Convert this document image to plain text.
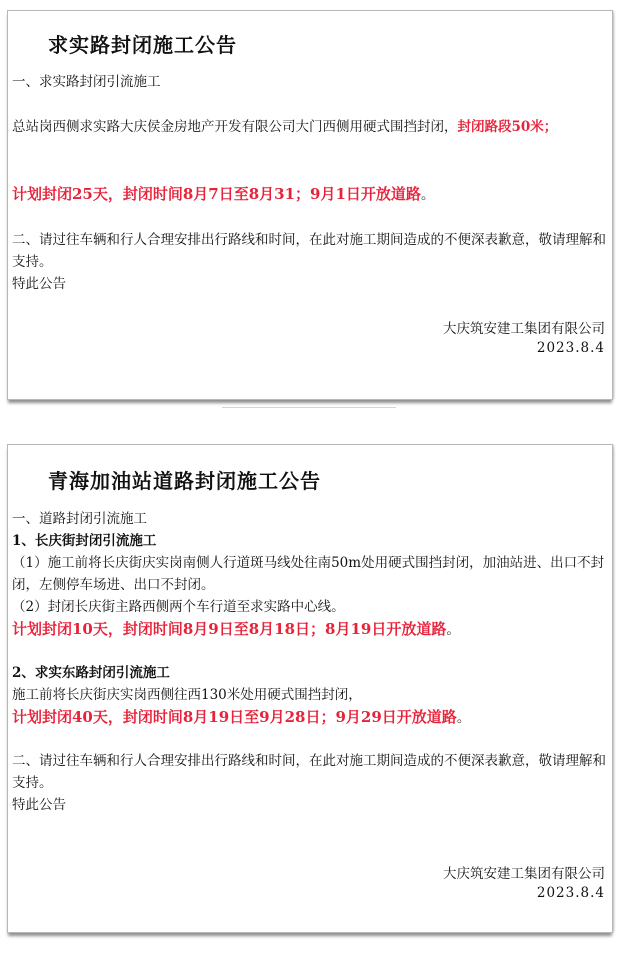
求实路封闭施工公告
一、求实路封闭引流施工
总站岗西侧求实路大庆侯金房地产开发有限公司大门西侧用硬式围挡封闭，封闭路段50米；
计划封闭25天，封闭时间8月7日至8月31；9月1日开放道路。
二、请过往车辆和行人合理安排出行路线和时间，在此对施工期间造成的不便深表歉意，敬请理解和支持。
特此公告
大庆筑安建工集团有限公司
2023.8.4
青海加油站道路封闭施工公告
一、道路封闭引流施工
1、长庆街封闭引流施工
（1）施工前将长庆街庆实岗南侧人行道斑马线处往南50m处用硬式围挡封闭，加油站进、出口不封闭，左侧停车场进、出口不封闭。
（2）封闭长庆街主路西侧两个车行道至求实路中心线。
计划封闭10天，封闭时间8月9日至8月18日；8月19日开放道路。
2、求实东路封闭引流施工
施工前将长庆街庆实岗西侧往西130米处用硬式围挡封闭，
计划封闭40天，封闭时间8月19日至9月28日；9月29日开放道路。
二、请过往车辆和行人合理安排出行路线和时间，在此对施工期间造成的不便深表歉意，敬请理解和支持。
特此公告
大庆筑安建工集团有限公司
2023.8.4
